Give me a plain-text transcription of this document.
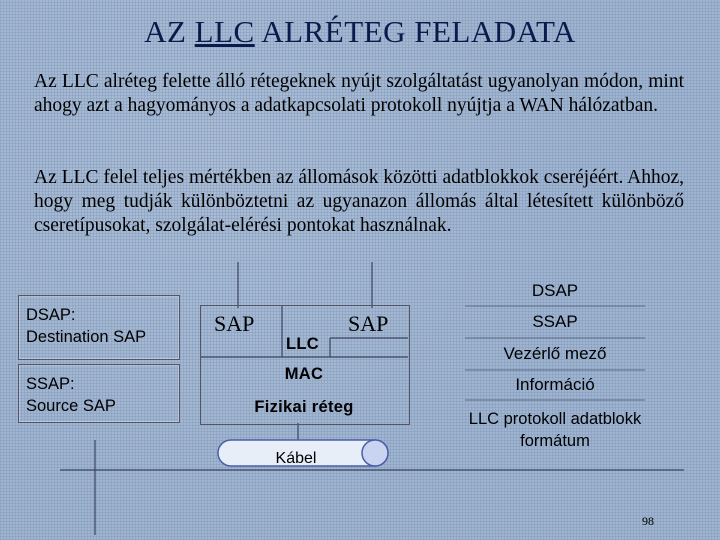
AZ LLC ALRÉTEG FELADATA
Az LLC alréteg felette álló rétegeknek nyújt szolgáltatást ugyanolyan módon, mint ahogy azt a hagyományos a adatkapcsolati protokoll nyújtja a WAN hálózatban.
Az LLC felel teljes mértékben az állomások közötti adatblokkok cseréjéért. Ahhoz, hogy meg tudják különböztetni az ugyanazon állomás által létesített különböző cseretípusokat, szolgálat-elérési pontokat használnak.
DSAP:
Destination SAP
SSAP:
Source SAP
SAP	SAP
LLC
MAC
Fizikai réteg
Kábel
DSAP
SSAP
Vezérlő mező
Információ
LLC protokoll adatblokk
formátum
98
